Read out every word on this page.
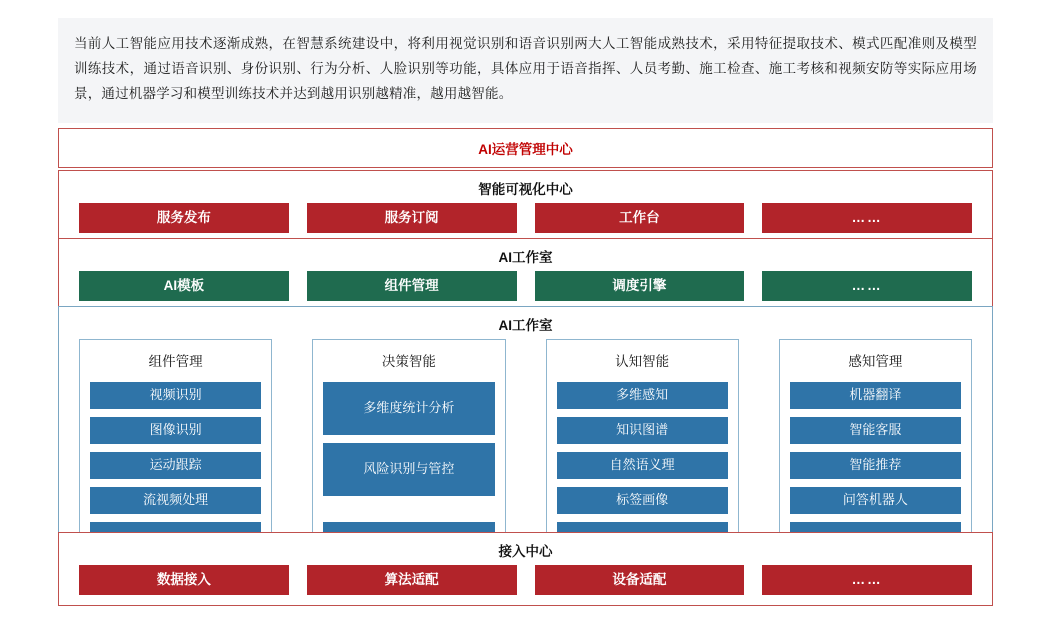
当前人工智能应用技术逐渐成熟，在智慧系统建设中，将利用视觉识别和语音识别两大人工智能成熟技术，采用特征提取技术、模式匹配准则及模型训练技术，通过语音识别、身份识别、行为分析、人脸识别等功能，具体应用于语音指挥、人员考勤、施工检查、施工考核和视频安防等实际应用场景，通过机器学习和模型训练技术并达到越用识别越精准，越用越智能。
AI运营管理中心
智能可视化中心
服务发布	服务订阅	工作台	……
AI工作室
AI模板	组件管理	调度引擎	……
AI工作室
组件管理
视频识别
图像识别
运动跟踪
流视频处理
决策智能
多维度统计分析
风险识别与管控
认知智能
多维感知
知识图谱
自然语义理
标签画像
感知管理
机器翻译
智能客服
智能推荐
问答机器人
接入中心
数据接入	算法适配	设备适配	……
